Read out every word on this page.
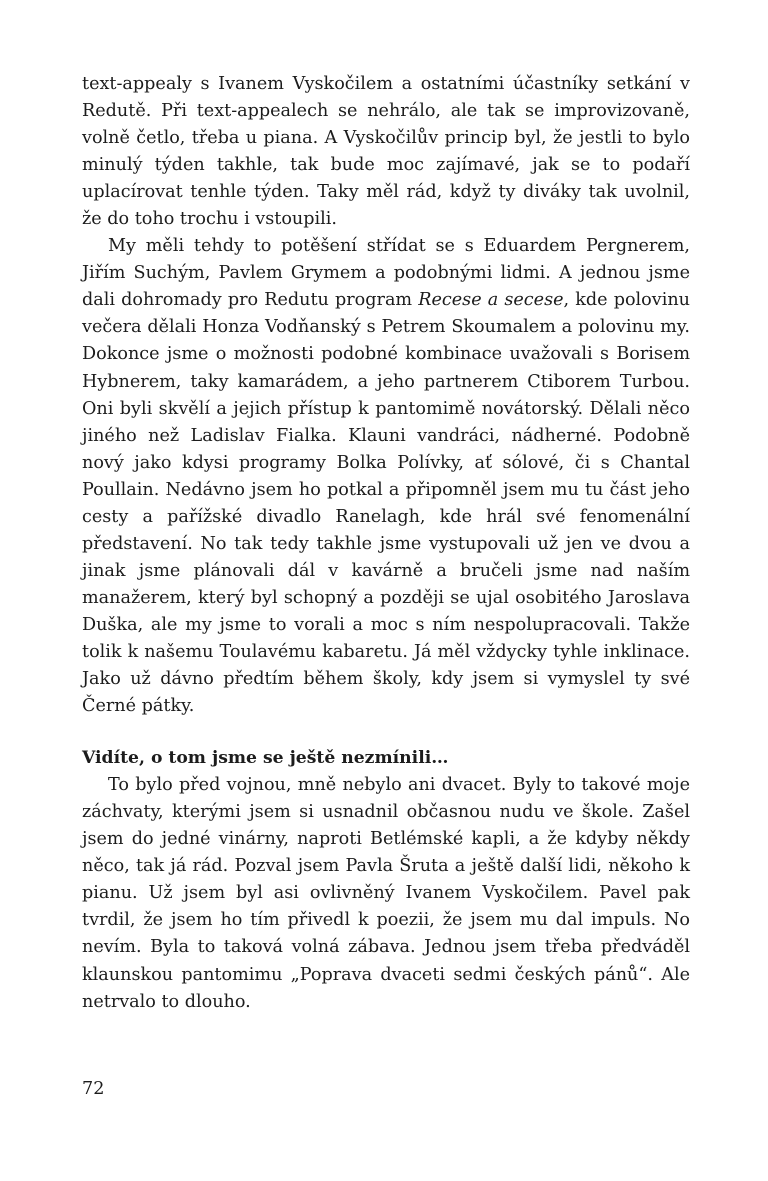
text-appealy s Ivanem Vyskočilem a ostatními účastníky setkání v Redutě. Při text-appealech se nehrálo, ale tak se improvizovaně, volně četlo, třeba u piana. A Vyskočilův princip byl, že jestli to bylo minulý týden takhle, tak bude moc zajímavé, jak se to podaří uplacírovat tenhle týden. Taky měl rád, když ty diváky tak uvolnil, že do toho trochu i vstoupili.

My měli tehdy to potěšení střídat se s Eduardem Pergnerem, Jiřím Suchým, Pavlem Grymem a podobnými lidmi. A jednou jsme dali dohromady pro Redutu program Recese a secese, kde polovinu večera dělali Honza Vodňanský s Petrem Skoumalem a polovinu my. Dokonce jsme o možnosti podobné kombinace uvažovali s Borisem Hybnerem, taky kamarádem, a jeho partnerem Ctiborem Turbou. Oni byli skvělí a jejich přístup k pantomimě novátorský. Dělali něco jiného než Ladislav Fialka. Klauni vandráci, nádherné. Podobně nový jako kdysi programy Bolka Polívky, ať sólové, či s Chantal Poullain. Nedávno jsem ho potkal a připomněl jsem mu tu část jeho cesty a pařížské divadlo Ranelagh, kde hrál své fenomenální představení. No tak tedy takhle jsme vystupovali už jen ve dvou a jinak jsme plánovali dál v kavárně a bručeli jsme nad naším manažerem, který byl schopný a později se ujal osobitého Jaroslava Duška, ale my jsme to vorali a moc s ním nespolupracovali. Takže tolik k našemu Toulavému kabaretu. Já měl vždycky tyhle inklinace. Jako už dávno předtím během školy, kdy jsem si vymyslel ty své Černé pátky.

Vidíte, o tom jsme se ještě nezmínili…

To bylo před vojnou, mně nebylo ani dvacet. Byly to takové moje záchvaty, kterými jsem si usnadnil občasnou nudu ve škole. Zašel jsem do jedné vinárny, naproti Betlémské kapli, a že kdyby někdy něco, tak já rád. Pozval jsem Pavla Šruta a ještě další lidi, někoho k pianu. Už jsem byl asi ovlivněný Ivanem Vyskočilem. Pavel pak tvrdil, že jsem ho tím přivedl k poezii, že jsem mu dal impuls. No nevím. Byla to taková volná zábava. Jednou jsem třeba předváděl klaunskou pantomimu „Poprava dvaceti sedmi českých pánů“. Ale netrvalo to dlouho.

72
